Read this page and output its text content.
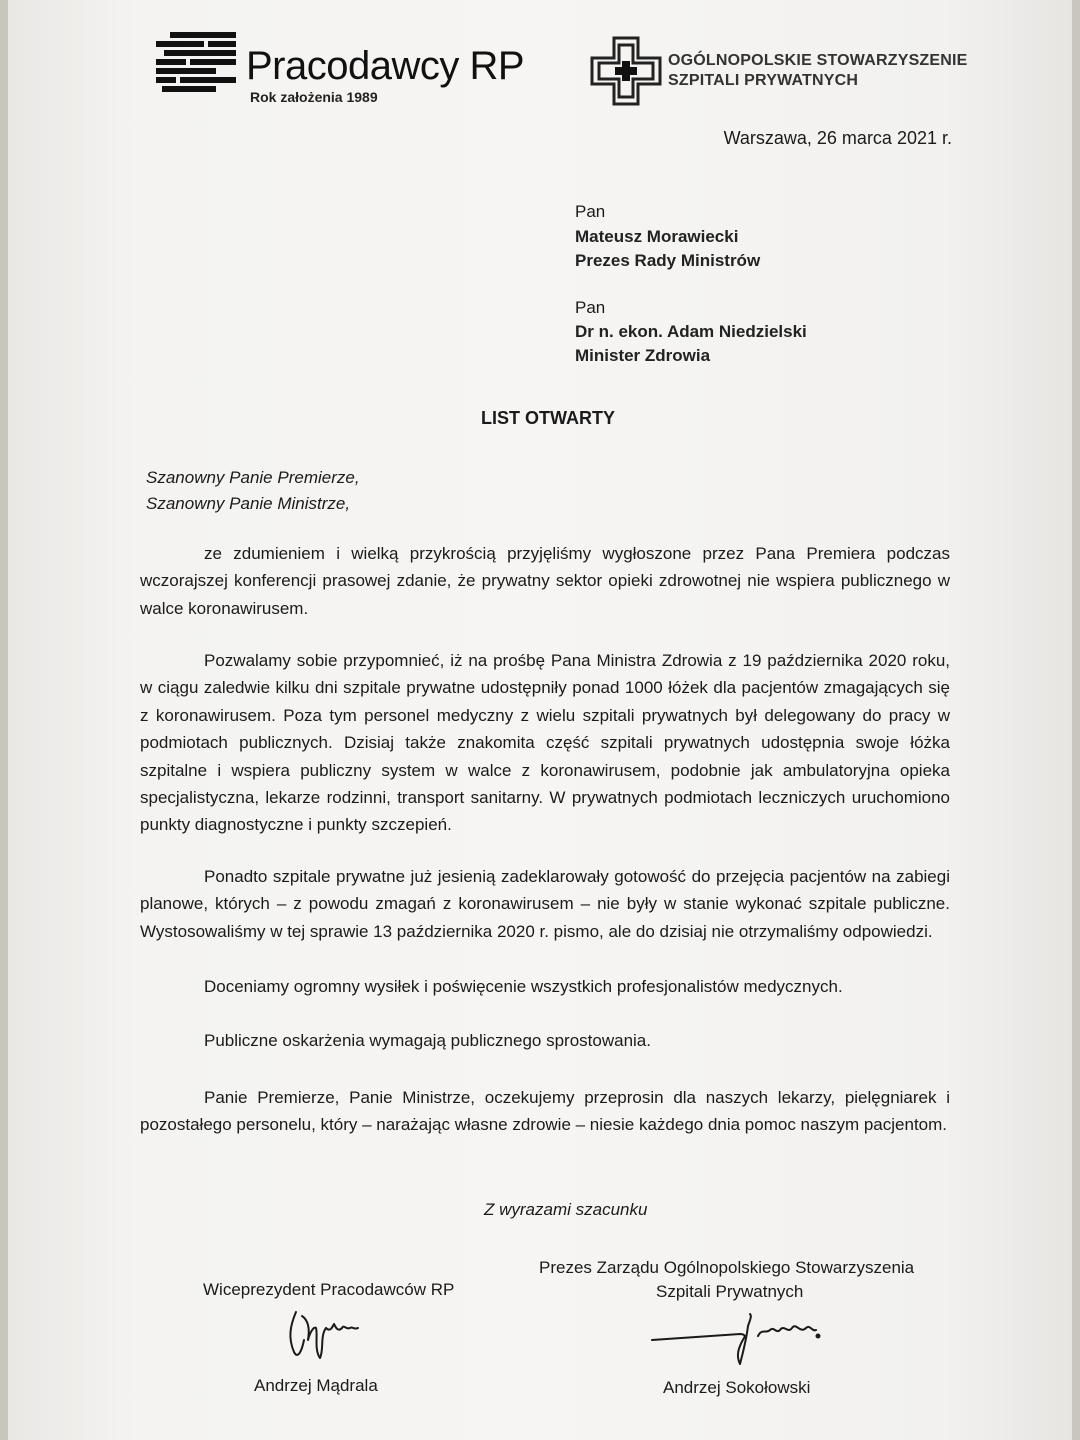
Pracodawcy RP
Rok założenia 1989
OGÓLNOPOLSKIE STOWARZYSZENIE
SZPITALI PRYWATNYCH
Warszawa, 26 marca 2021 r.
Pan
Mateusz Morawiecki
Prezes Rady Ministrów
Pan
Dr n. ekon. Adam Niedzielski
Minister Zdrowia
LIST OTWARTY
Szanowny Panie Premierze,
Szanowny Panie Ministrze,
ze zdumieniem i wielką przykrością przyjęliśmy wygłoszone przez Pana Premiera podczas wczorajszej konferencji prasowej zdanie, że prywatny sektor opieki zdrowotnej nie wspiera publicznego w walce koronawirusem.
Pozwalamy sobie przypomnieć, iż na prośbę Pana Ministra Zdrowia z 19 października 2020 roku, w ciągu zaledwie kilku dni szpitale prywatne udostępniły ponad 1000 łóżek dla pacjentów zmagających się z koronawirusem. Poza tym personel medyczny z wielu szpitali prywatnych był delegowany do pracy w podmiotach publicznych. Dzisiaj także znakomita część szpitali prywatnych udostępnia swoje łóżka szpitalne i wspiera publiczny system w walce z koronawirusem, podobnie jak ambulatoryjna opieka specjalistyczna, lekarze rodzinni, transport sanitarny. W prywatnych podmiotach leczniczych uruchomiono punkty diagnostyczne i punkty szczepień.
Ponadto szpitale prywatne już jesienią zadeklarowały gotowość do przejęcia pacjentów na zabiegi planowe, których – z powodu zmagań z koronawirusem – nie były w stanie wykonać szpitale publiczne. Wystosowaliśmy w tej sprawie 13 października 2020 r. pismo, ale do dzisiaj nie otrzymaliśmy odpowiedzi.
Doceniamy ogromny wysiłek i poświęcenie wszystkich profesjonalistów medycznych.
Publiczne oskarżenia wymagają publicznego sprostowania.
Panie Premierze, Panie Ministrze, oczekujemy przeprosin dla naszych lekarzy, pielęgniarek i pozostałego personelu, który – narażając własne zdrowie – niesie każdego dnia pomoc naszym pacjentom.
Z wyrazami szacunku
Wiceprezydent Pracodawców RP
Andrzej Mądrala
Prezes Zarządu Ogólnopolskiego Stowarzyszenia
Szpitali Prywatnych
Andrzej Sokołowski
